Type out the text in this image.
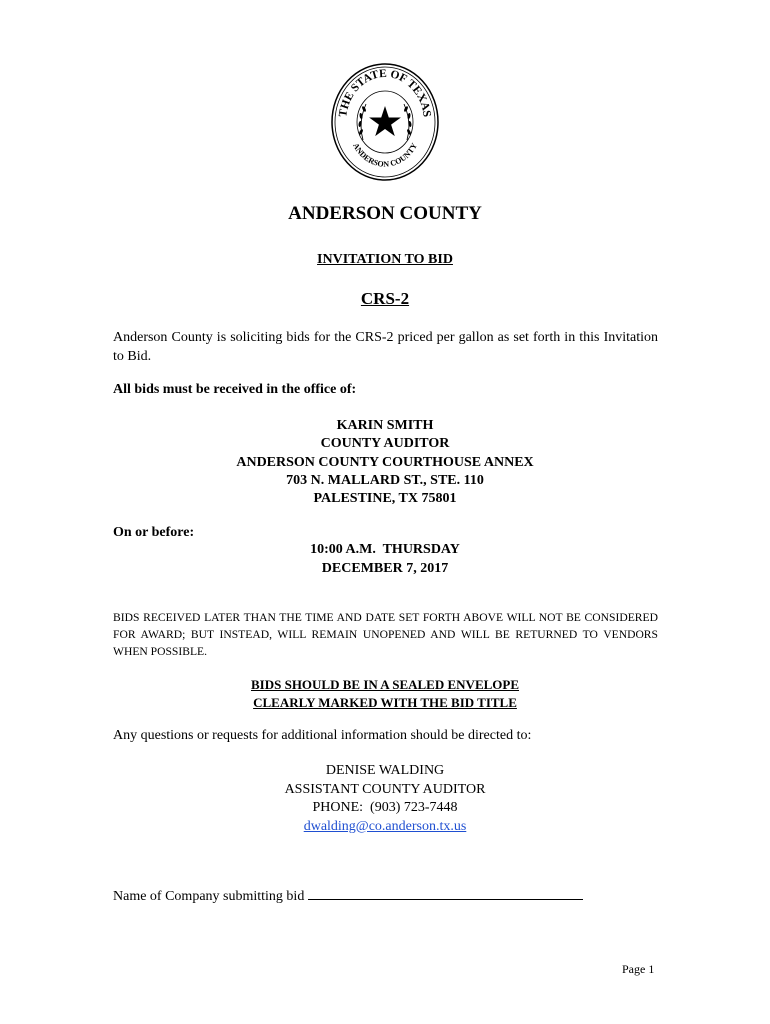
THE STATE OF TEXAS
ANDERSON COUNTY
ANDERSON COUNTY
INVITATION TO BID
CRS-2
Anderson County is soliciting bids for the CRS-2 priced per gallon as set forth in this Invitation to Bid.
All bids must be received in the office of:
KARIN SMITH
COUNTY AUDITOR
ANDERSON COUNTY COURTHOUSE ANNEX
703 N. MALLARD ST., STE. 110
PALESTINE, TX 75801
On or before:
10:00 A.M.  THURSDAY
DECEMBER 7, 2017
BIDS RECEIVED LATER THAN THE TIME AND DATE SET FORTH ABOVE WILL NOT BE CONSIDERED FOR AWARD; BUT INSTEAD, WILL REMAIN UNOPENED AND WILL BE RETURNED TO VENDORS WHEN POSSIBLE.
BIDS SHOULD BE IN A SEALED ENVELOPE
CLEARLY MARKED WITH THE BID TITLE
Any questions or requests for additional information should be directed to:
DENISE WALDING
ASSISTANT COUNTY AUDITOR
PHONE:  (903) 723-7448
dwalding@co.anderson.tx.us
Name of Company submitting bid
Page 1
